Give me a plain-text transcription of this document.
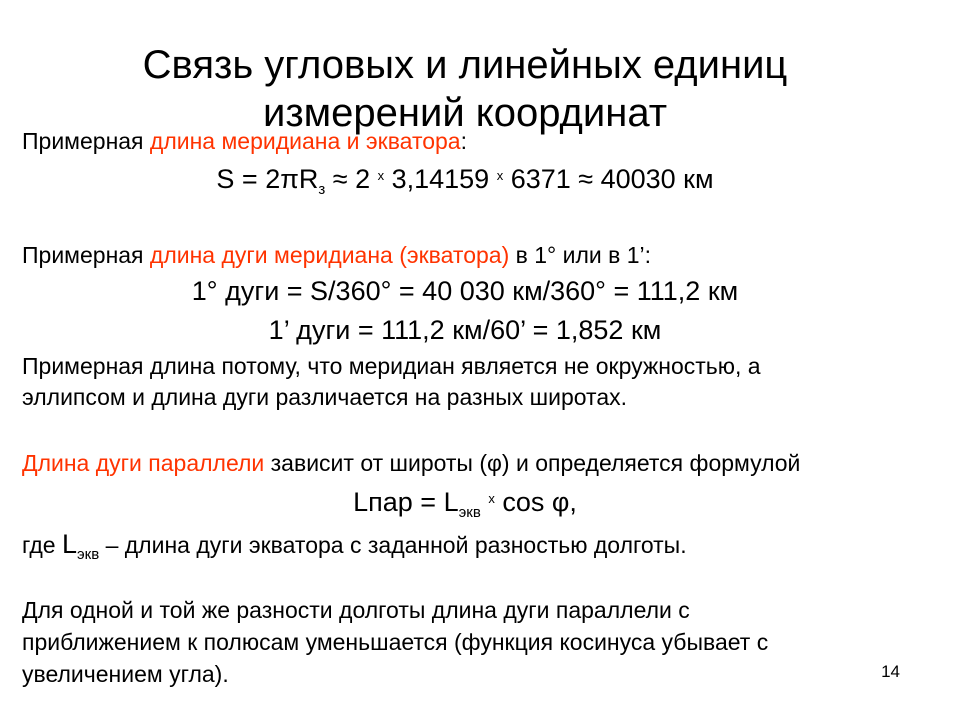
Связь угловых и линейных единиц
измерений координат
Примерная длина меридиана и экватора:
$S = 2\pi R_з \approx 2$ $^x$ 3,14159 $^x$ 6371 ≈ 40030 км
Примерная длина дуги меридиана (экватора) в 1° или в 1’:
1° дуги = S/360° = 40 030 км/360° = 111,2 км
1’ дуги = 111,2 км/60’ = 1,852 км
Примерная длина потому, что меридиан является не окружностью, а
эллипсом и длина дуги различается на разных широтах.
Длина дуги параллели зависит от широты (φ) и определяется формулой
Lпар = $L_{экв}$ $^x$ cos φ,
где $L_{экв}$ – длина дуги экватора с заданной разностью долготы.
Для одной и той же разности долготы длина дуги параллели с
приближением к полюсам уменьшается (функция косинуса убывает с
увеличением угла).	14
